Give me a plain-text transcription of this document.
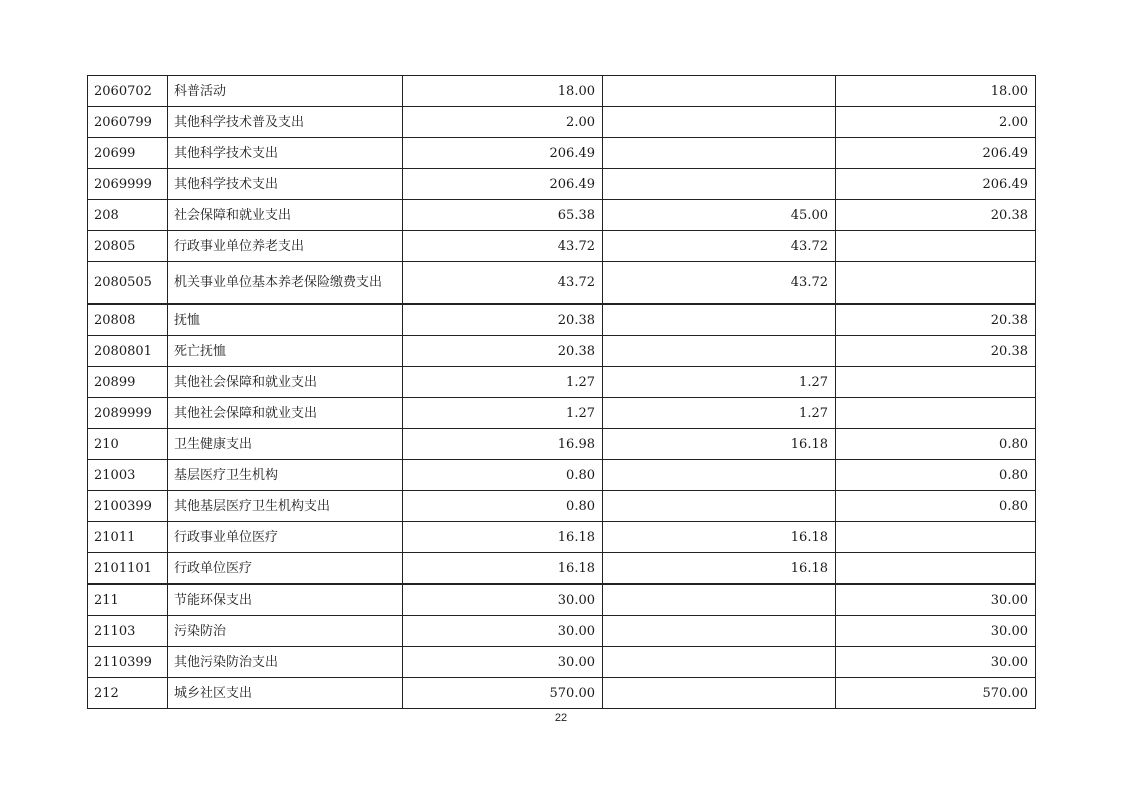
2060702	科普活动	18.00		18.00
2060799	其他科学技术普及支出	2.00		2.00
20699	其他科学技术支出	206.49		206.49
2069999	其他科学技术支出	206.49		206.49
208	社会保障和就业支出	65.38	45.00	20.38
20805	行政事业单位养老支出	43.72	43.72	
2080505	机关事业单位基本养老保险缴费支出	43.72	43.72	
20808	抚恤	20.38		20.38
2080801	死亡抚恤	20.38		20.38
20899	其他社会保障和就业支出	1.27	1.27	
2089999	其他社会保障和就业支出	1.27	1.27	
210	卫生健康支出	16.98	16.18	0.80
21003	基层医疗卫生机构	0.80		0.80
2100399	其他基层医疗卫生机构支出	0.80		0.80
21011	行政事业单位医疗	16.18	16.18	
2101101	行政单位医疗	16.18	16.18	
211	节能环保支出	30.00		30.00
21103	污染防治	30.00		30.00
2110399	其他污染防治支出	30.00		30.00
212	城乡社区支出	570.00		570.00
22
